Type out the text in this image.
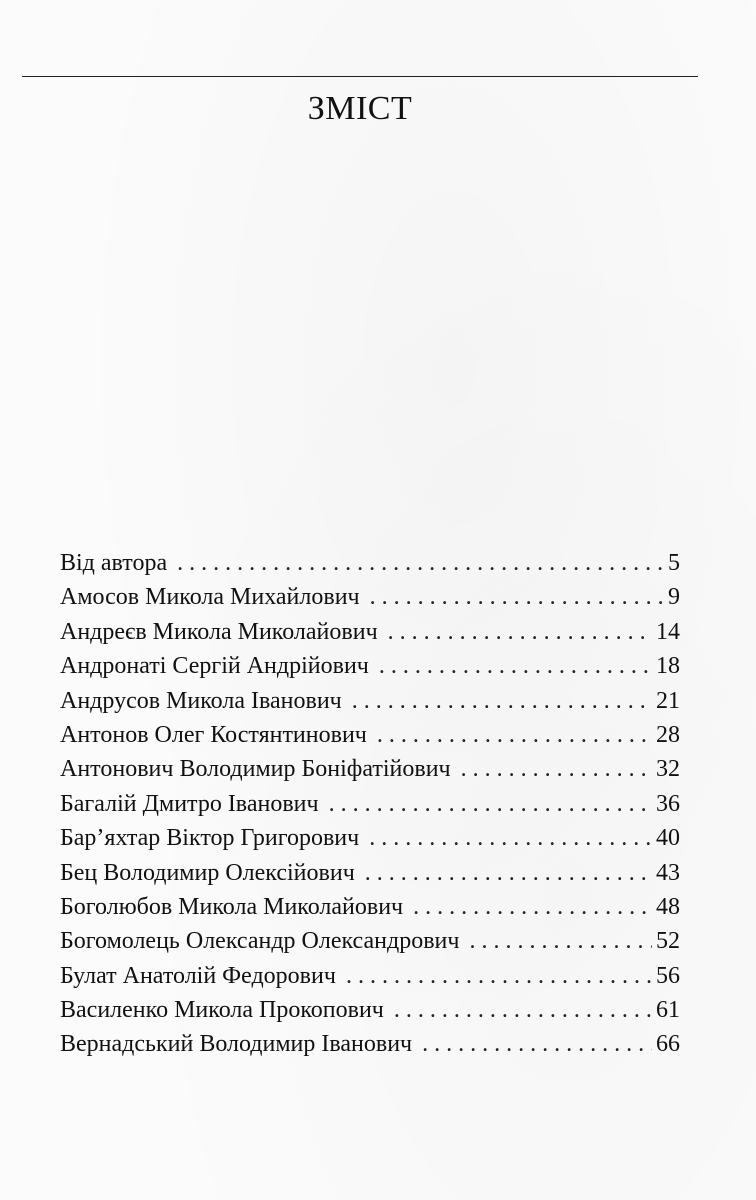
ЗМІСТ
Від автора . . .	5
Амосов Микола Михайлович . . .	9
Андреєв Микола Миколайович . . .	14
Андронаті Сергій Андрійович . . .	18
Андрусов Микола Іванович . . .	21
Антонов Олег Костянтинович . . .	28
Антонович Володимир Боніфатійович . . .	32
Багалій Дмитро Іванович . . .	36
Бар’яхтар Віктор Григорович . . .	40
Бец Володимир Олексійович . . .	43
Боголюбов Микола Миколайович . . .	48
Богомолець Олександр Олександрович . . .	52
Булат Анатолій Федорович . . .	56
Василенко Микола Прокопович . . .	61
Вернадський Володимир Іванович . . .	66
